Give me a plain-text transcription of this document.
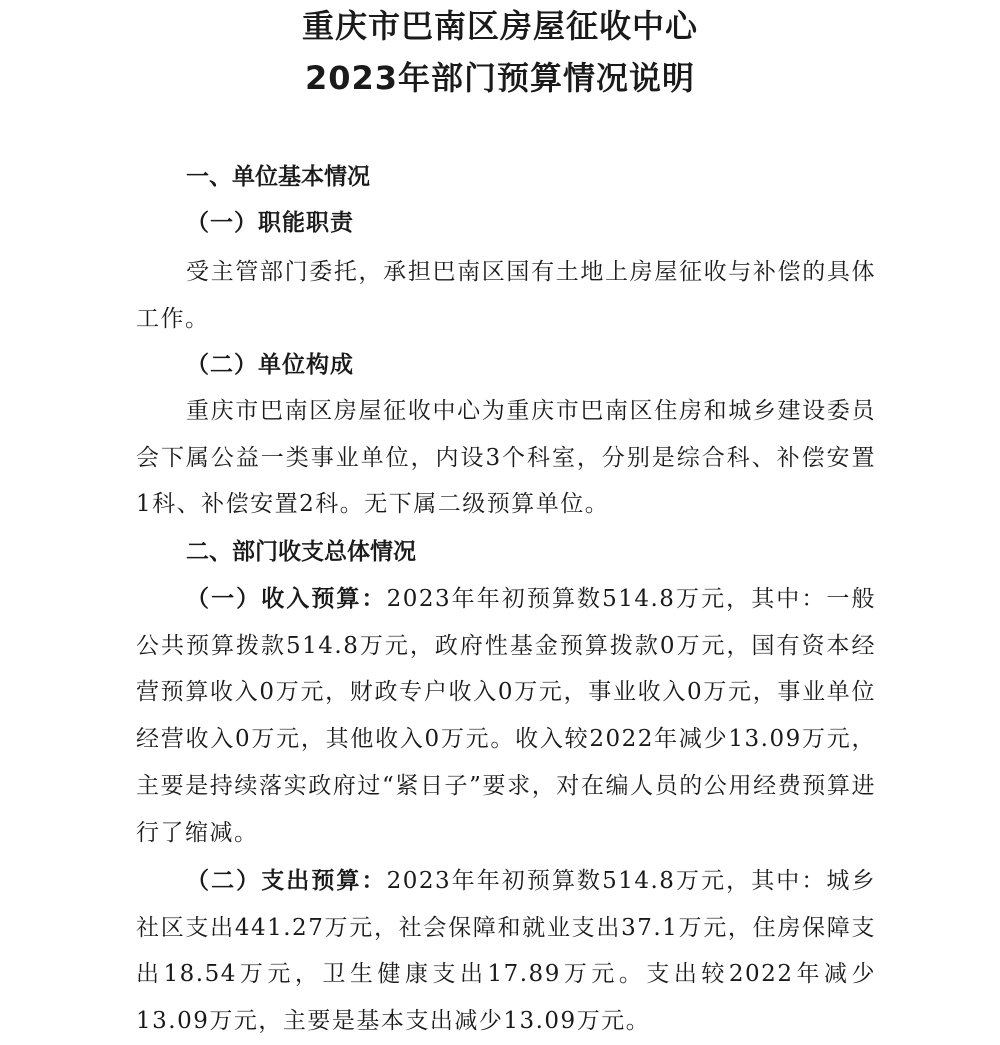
重庆市巴南区房屋征收中心
2023年部门预算情况说明
一、单位基本情况
（一）职能职责

受主管部门委托，承担巴南区国有土地上房屋征收与补偿的具体工作。

（二）单位构成

重庆市巴南区房屋征收中心为重庆市巴南区住房和城乡建设委员会下属公益一类事业单位，内设3个科室，分别是综合科、补偿安置1科、补偿安置2科。无下属二级预算单位。

二、部门收支总体情况

（一）收入预算：2023年年初预算数514.8万元，其中：一般公共预算拨款514.8万元，政府性基金预算拨款0万元，国有资本经营预算收入0万元，财政专户收入0万元，事业收入0万元，事业单位经营收入0万元，其他收入0万元。收入较2022年减少13.09万元，主要是持续落实政府过“紧日子”要求，对在编人员的公用经费预算进行了缩减。

（二）支出预算：2023年年初预算数514.8万元，其中：城乡社区支出441.27万元，社会保障和就业支出37.1万元，住房保障支出18.54万元，卫生健康支出17.89万元。支出较2022年减少13.09万元，主要是基本支出减少13.09万元。
